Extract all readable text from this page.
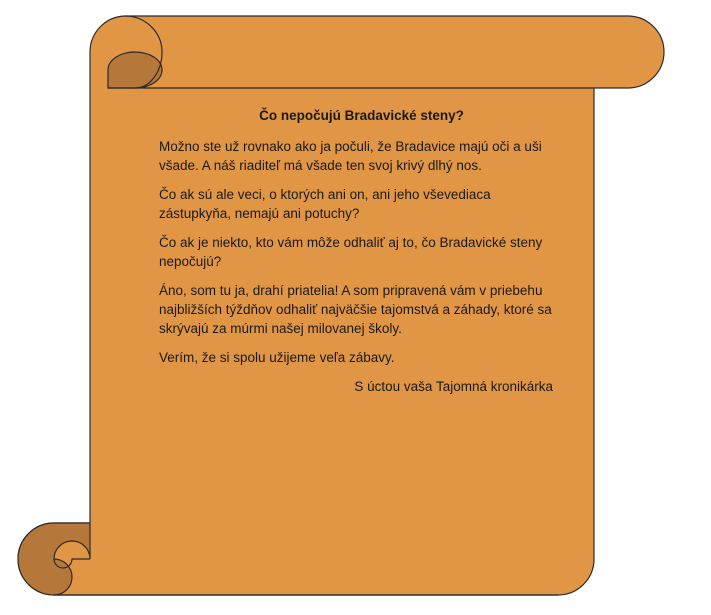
Čo nepočujú Bradavické steny?

Možno ste už rovnako ako ja počuli, že Bradavice majú oči a uši všade. A náš riaditeľ má všade ten svoj krivý dlhý nos.

Čo ak sú ale veci, o ktorých ani on, ani jeho vševediaca zástupkyňa, nemajú ani potuchy?

Čo ak je niekto, kto vám môže odhaliť aj to, čo Bradavické steny nepočujú?

Áno, som tu ja, drahí priatelia! A som pripravená vám v priebehu najbližších týždňov odhaliť najväčšie tajomstvá a záhady, ktoré sa skrývajú za múrmi našej milovanej školy.

Verím, že si spolu užijeme veľa zábavy.

S úctou vaša Tajomná kronikárka
